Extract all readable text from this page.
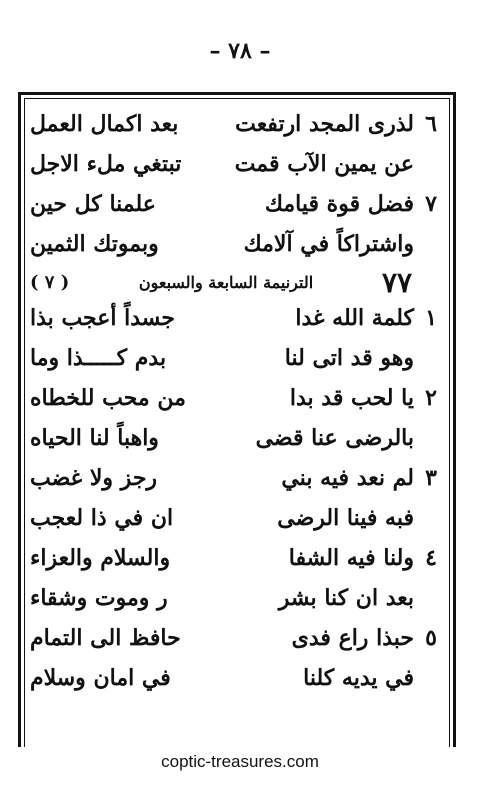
– ٧٨ –
٦
لذرى المجد ارتفعت
بعد اكمال العمل
عن يمين الآب قمت
تبتغي ملء الاجل
٧
فضل قوة قيامك
علمنا كل حين
واشتراكاً في آلامك
وبموتك الثمين
٧٧
الترنيمة السابعة والسبعون
( ٧ )
١
كلمة الله غدا
جسداً أعجب بذا
وهو قد اتى لنا
بدم كـــــذا وما
٢
يا لحب قد بدا
من محب للخطاه
بالرضى عنا قضى
واهباً لنا الحياه
٣
لم نعد فيه بني
رجز ولا غضب
فبه فينا الرضى
ان في ذا لعجب
٤
ولنا فيه الشفا
والسلام والعزاء
بعد ان كنا بشر
ر وموت وشقاء
٥
حبذا راع فدى
حافظ الى التمام
في يديه كلنا
في امان وسلام
coptic-treasures.com
